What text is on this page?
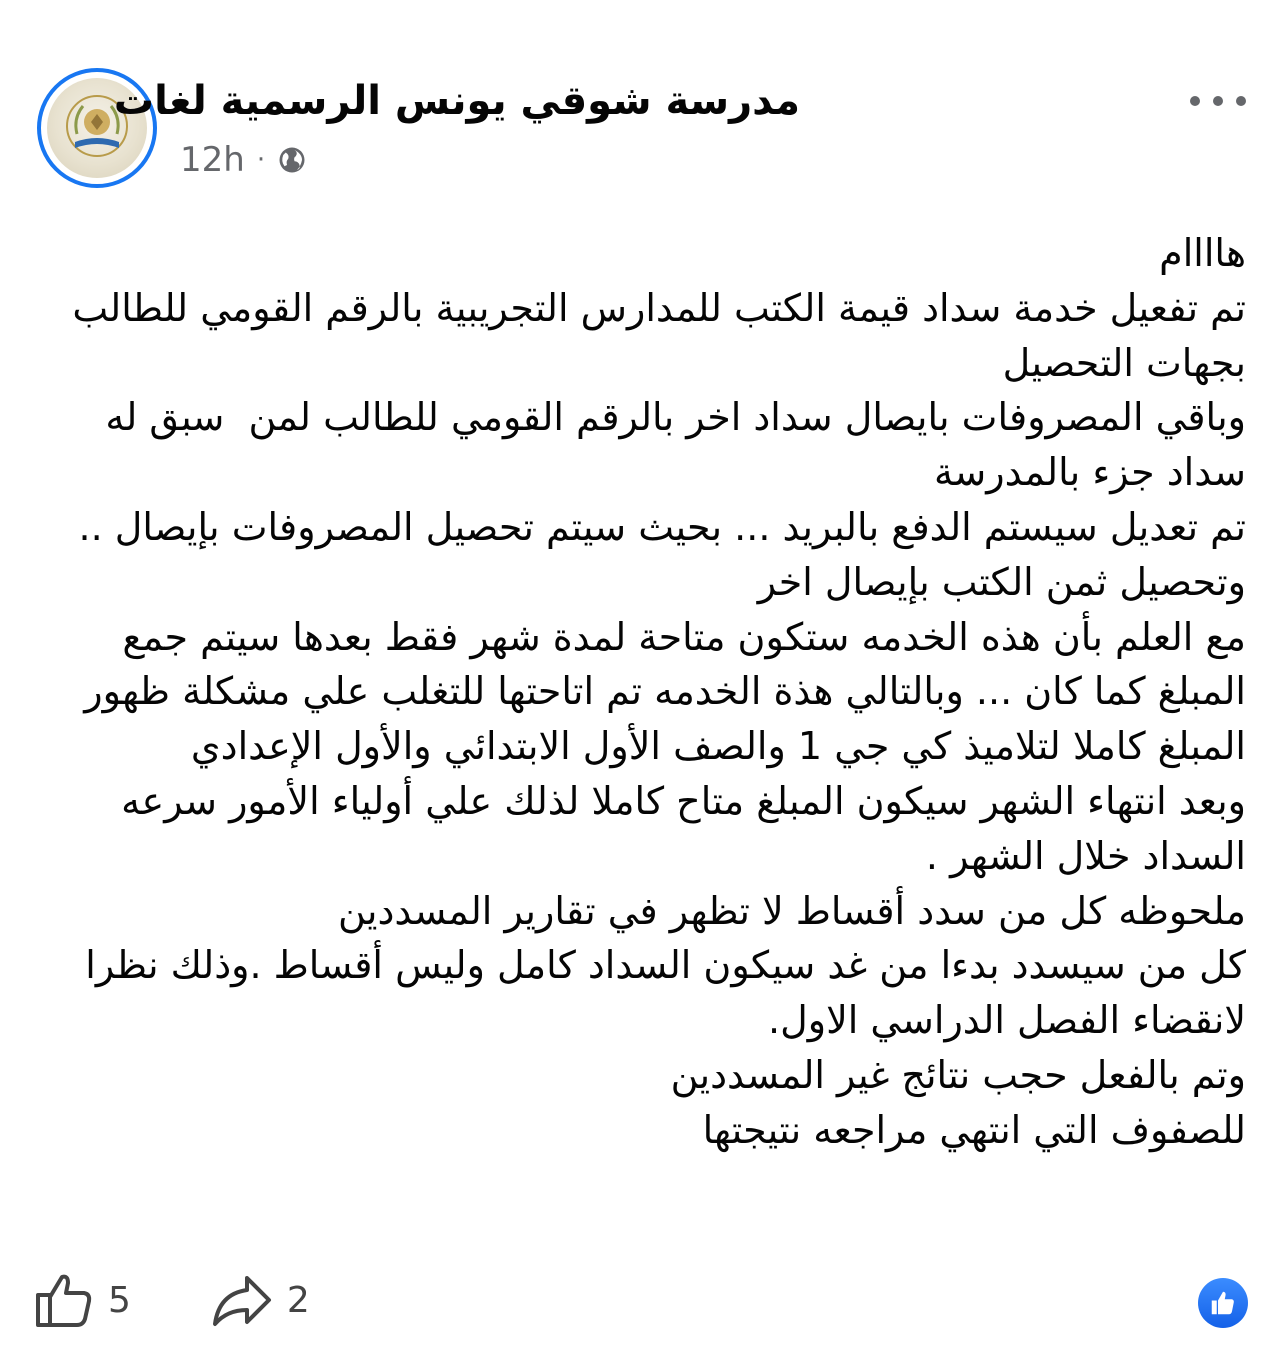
مدرسة شوقي يونس الرسمية لغات
12h ·
هاااام
تم تفعيل خدمة سداد قيمة الكتب للمدارس التجريبية بالرقم القومي للطالب بجهات التحصيل
وباقي المصروفات بايصال سداد اخر بالرقم القومي للطالب لمن  سبق له سداد جزء بالمدرسة
تم تعديل سيستم الدفع بالبريد ... بحيث سيتم تحصيل المصروفات بإيصال .. وتحصيل ثمن الكتب بإيصال اخر
مع العلم بأن هذه الخدمه ستكون متاحة لمدة شهر فقط بعدها سيتم جمع المبلغ كما كان ... وبالتالي هذة الخدمه تم اتاحتها للتغلب علي مشكلة ظهور المبلغ كاملا لتلاميذ كي جي 1 والصف الأول الابتدائي والأول الإعدادي
وبعد انتهاء الشهر سيكون المبلغ متاح كاملا لذلك علي أولياء الأمور سرعه السداد خلال الشهر .
ملحوظه كل من سدد أقساط لا تظهر في تقارير المسددين
كل من سيسدد بدءا من غد سيكون السداد كامل وليس أقساط .وذلك نظرا لانقضاء الفصل الدراسي الاول.
وتم بالفعل حجب نتائج غير المسددين
للصفوف التي انتهي مراجعه نتيجتها
5	2
